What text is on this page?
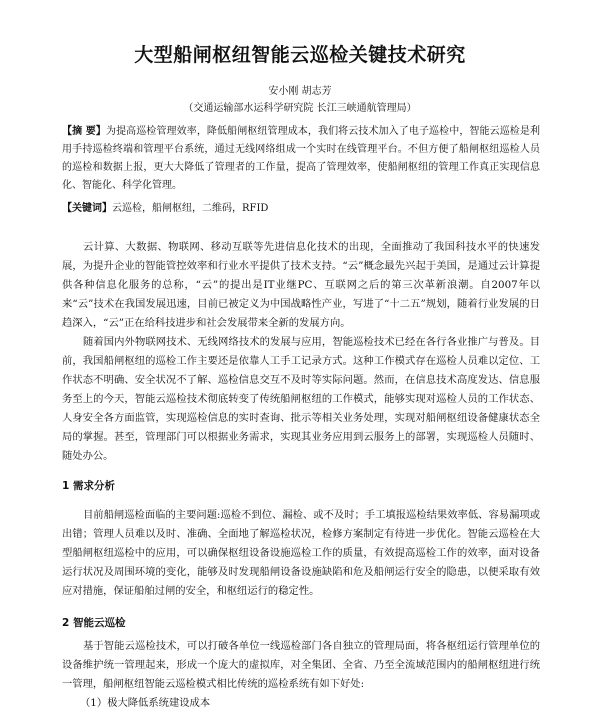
大型船闸枢纽智能云巡检关键技术研究
安小刚 胡志芳
（交通运输部水运科学研究院 长江三峡通航管理局）

【摘 要】为提高巡检管理效率，降低船闸枢纽管理成本，我们将云技术加入了电子巡检中，智能云巡检是利用手持巡检终端和管理平台系统，通过无线网络组成一个实时在线管理平台。不但方便了船闸枢纽巡检人员的巡检和数据上报，更大大降低了管理者的工作量，提高了管理效率，使船闸枢纽的管理工作真正实现信息化、智能化、科学化管理。

【关键词】云巡检，船闸枢纽，二维码，RFID

云计算、大数据、物联网、移动互联等先进信息化技术的出现，全面推动了我国科技水平的快速发展，为提升企业的智能管控效率和行业水平提供了技术支持。“云”概念最先兴起于美国，是通过云计算提供各种信息化服务的总称，“云”的提出是IT业继PC、互联网之后的第三次革新浪潮。自2007年以来“云”技术在我国发展迅速，目前已被定义为中国战略性产业，写进了“十二五”规划，随着行业发展的日趋深入，“云”正在给科技进步和社会发展带来全新的发展方向。

随着国内外物联网技术、无线网络技术的发展与应用，智能巡检技术已经在各行各业推广与普及。目前，我国船闸枢纽的巡检工作主要还是依靠人工手工记录方式。这种工作模式存在巡检人员难以定位、工作状态不明确、安全状况不了解、巡检信息交互不及时等实际问题。然而，在信息技术高度发达、信息服务至上的今天，智能云巡检技术彻底转变了传统船闸枢纽的工作模式，能够实现对巡检人员的工作状态、人身安全各方面监管，实现巡检信息的实时查询、批示等相关业务处理，实现对船闸枢纽设备健康状态全局的掌握。甚至，管理部门可以根据业务需求，实现其业务应用到云服务上的部署，实现巡检人员随时、随处办公。

1 需求分析

目前船闸巡检面临的主要问题:巡检不到位、漏检、或不及时；手工填报巡检结果效率低、容易漏项或出错；管理人员难以及时、准确、全面地了解巡检状况，检修方案制定有待进一步优化。智能云巡检在大型船闸枢纽巡检中的应用，可以确保枢纽设备设施巡检工作的质量，有效提高巡检工作的效率，面对设备运行状况及周围环境的变化，能够及时发现船闸设备设施缺陷和危及船闸运行安全的隐患，以便采取有效应对措施，保证船舶过闸的安全，和枢纽运行的稳定性。

2 智能云巡检

基于智能云巡检技术，可以打破各单位一线巡检部门各自独立的管理局面，将各枢纽运行管理单位的设备维护统一管理起来，形成一个庞大的虚拟库，对全集团、全省、乃至全流域范围内的船闸枢纽进行统一管理，船闸枢纽智能云巡检模式相比传统的巡检系统有如下好处:

（1）极大降低系统建设成本
